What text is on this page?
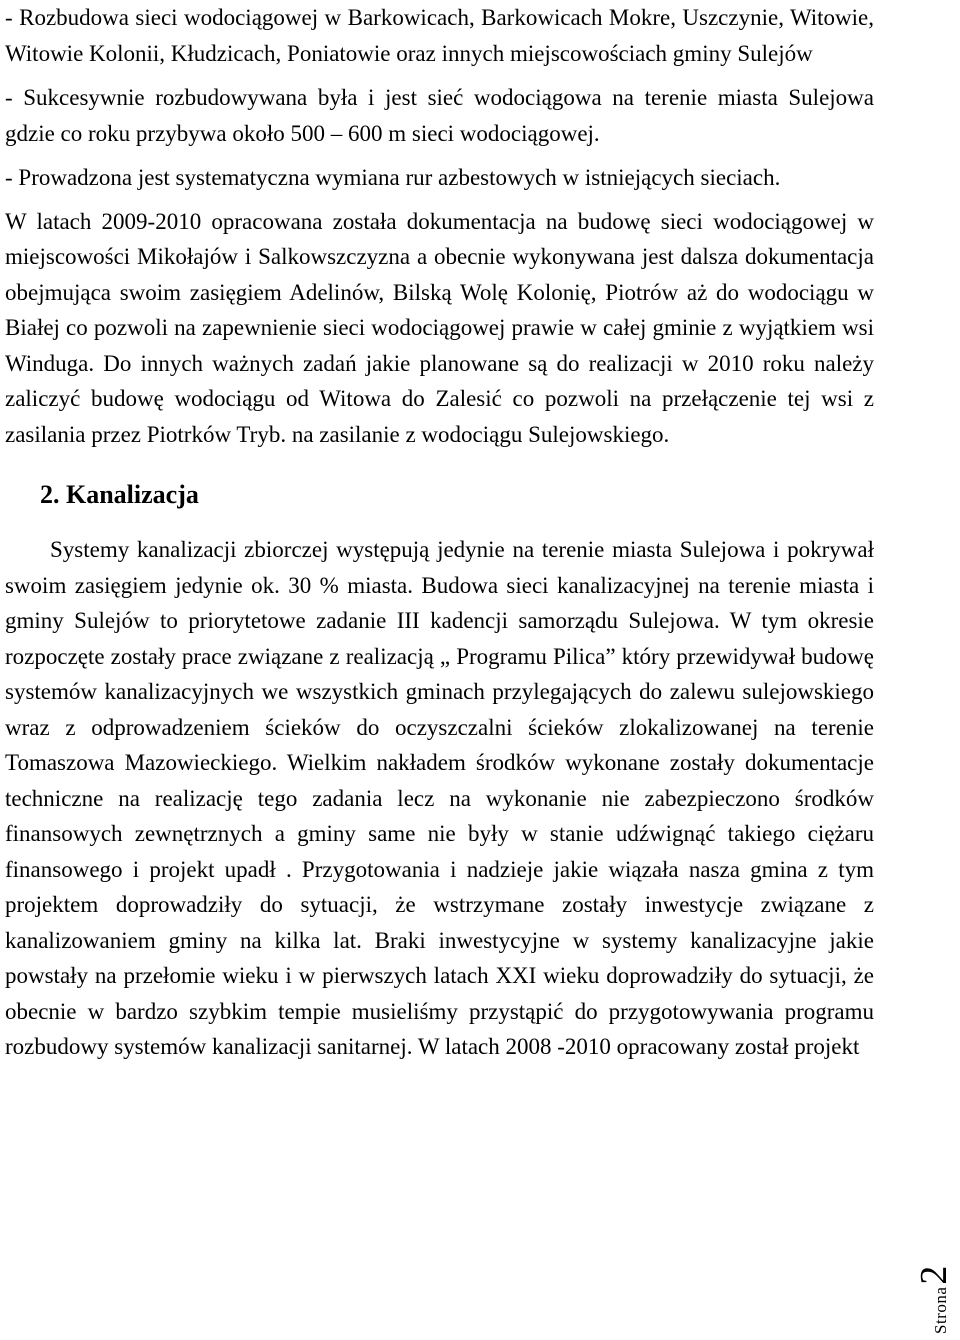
- Rozbudowa sieci wodociągowej w Barkowicach, Barkowicach Mokre, Uszczynie, Witowie, Witowie Kolonii, Kłudzicach, Poniatowie oraz innych miejscowościach gminy Sulejów

- Sukcesywnie rozbudowywana była i jest sieć wodociągowa na terenie miasta Sulejowa gdzie co roku przybywa około 500 – 600 m sieci wodociągowej.

- Prowadzona jest systematyczna wymiana rur azbestowych w istniejących sieciach.

W latach 2009-2010 opracowana została dokumentacja na budowę sieci wodociągowej w miejscowości Mikołajów i Salkowszczyzna a obecnie wykonywana jest dalsza dokumentacja obejmująca swoim zasięgiem Adelinów, Bilską Wolę Kolonię, Piotrów aż do wodociągu w Białej co pozwoli na zapewnienie sieci wodociągowej prawie w całej gminie z wyjątkiem wsi Winduga. Do innych ważnych zadań jakie planowane są do realizacji w 2010 roku należy zaliczyć budowę wodociągu od Witowa do Zalesić co pozwoli na przełączenie tej wsi z zasilania przez Piotrków Tryb. na zasilanie z wodociągu Sulejowskiego.

2. Kanalizacja

Systemy kanalizacji zbiorczej występują jedynie na terenie miasta Sulejowa i pokrywał swoim zasięgiem jedynie ok. 30 % miasta. Budowa sieci kanalizacyjnej na terenie miasta i gminy Sulejów to priorytetowe zadanie III kadencji samorządu Sulejowa. W tym okresie rozpoczęte zostały prace związane z realizacją „ Programu Pilica” który przewidywał budowę systemów kanalizacyjnych we wszystkich gminach przylegających do zalewu sulejowskiego wraz z odprowadzeniem ścieków do oczyszczalni ścieków zlokalizowanej na terenie Tomaszowa Mazowieckiego. Wielkim nakładem środków wykonane zostały dokumentacje techniczne na realizację tego zadania lecz na wykonanie nie zabezpieczono środków finansowych zewnętrznych a gminy same nie były w stanie udźwignąć takiego ciężaru finansowego i projekt upadł . Przygotowania i nadzieje jakie wiązała nasza gmina z tym projektem doprowadziły do sytuacji, że wstrzymane zostały inwestycje związane z kanalizowaniem gminy na kilka lat. Braki inwestycyjne w systemy kanalizacyjne jakie powstały na przełomie wieku i w pierwszych latach XXI wieku doprowadziły do sytuacji, że obecnie w bardzo szybkim tempie musieliśmy przystąpić do przygotowywania programu rozbudowy systemów kanalizacji sanitarnej. W latach 2008 -2010 opracowany został projekt

Strona2
